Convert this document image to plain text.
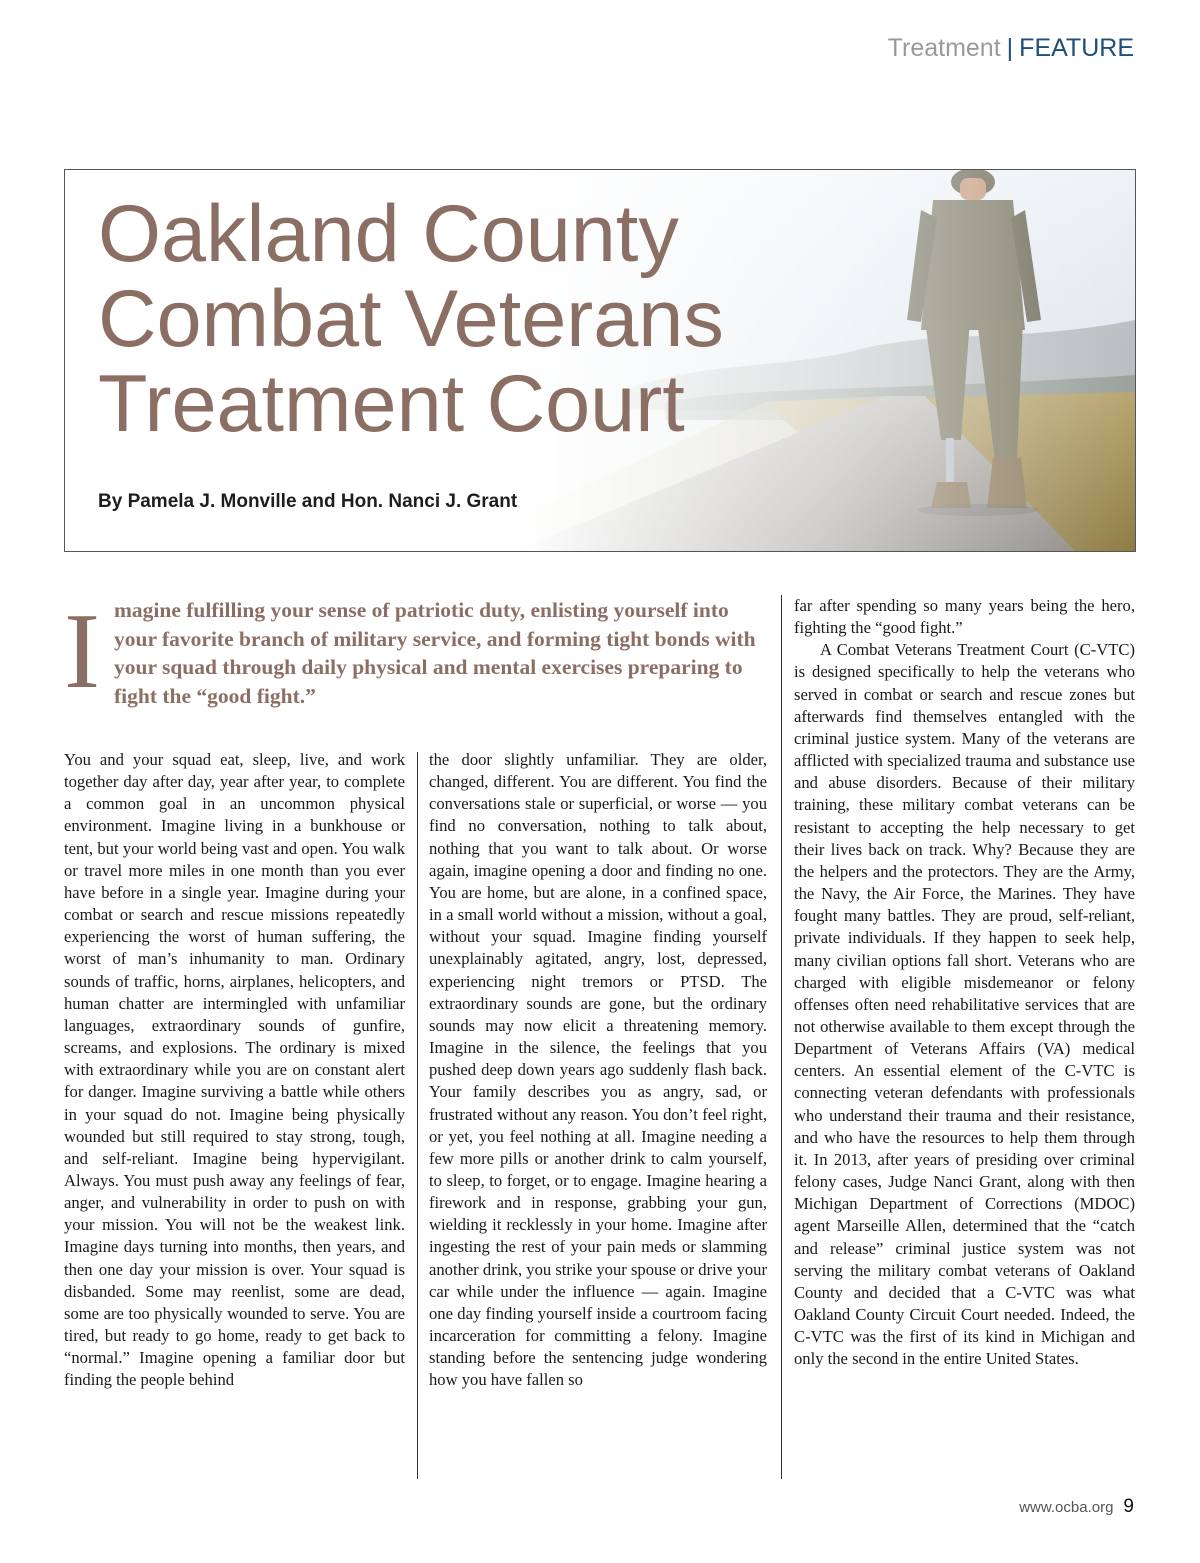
Treatment | FEATURE
Oakland County
Combat Veterans
Treatment Court
By Pamela J. Monville and Hon. Nanci J. Grant
I magine fulfilling your sense of patriotic duty, enlisting yourself into your favorite branch of military service, and forming tight bonds with your squad through daily physical and mental exercises preparing to fight the “good fight.”

You and your squad eat, sleep, live, and work together day after day, year after year, to complete a common goal in an uncommon physical environment. Imagine living in a bunkhouse or tent, but your world being vast and open. You walk or travel more miles in one month than you ever have before in a single year. Imagine during your combat or search and rescue missions repeatedly experiencing the worst of human suffering, the worst of man’s inhumanity to man. Ordinary sounds of traffic, horns, airplanes, helicopters, and human chatter are intermingled with unfamiliar languages, extraordinary sounds of gunfire, screams, and explosions. The ordinary is mixed with extraordinary while you are on constant alert for danger. Imagine surviving a battle while others in your squad do not. Imagine being physically wounded but still required to stay strong, tough, and self-reliant. Imagine being hypervigilant. Always. You must push away any feelings of fear, anger, and vulnerability in order to push on with your mission. You will not be the weakest link. Imagine days turning into months, then years, and then one day your mission is over. Your squad is disbanded. Some may reenlist, some are dead, some are too physically wounded to serve. You are tired, but ready to go home, ready to get back to “normal.” Imagine opening a familiar door but finding the people behind

the door slightly unfamiliar. They are older, changed, different. You are different. You find the conversations stale or superficial, or worse — you find no conversation, nothing to talk about, nothing that you want to talk about. Or worse again, imagine opening a door and finding no one. You are home, but are alone, in a confined space, in a small world without a mission, without a goal, without your squad. Imagine finding yourself unexplainably agitated, angry, lost, depressed, experiencing night tremors or PTSD. The extraordinary sounds are gone, but the ordinary sounds may now elicit a threatening memory. Imagine in the silence, the feelings that you pushed deep down years ago suddenly flash back. Your family describes you as angry, sad, or frustrated without any reason. You don’t feel right, or yet, you feel nothing at all. Imagine needing a few more pills or another drink to calm yourself, to sleep, to forget, or to engage. Imagine hearing a firework and in response, grabbing your gun, wielding it recklessly in your home. Imagine after ingesting the rest of your pain meds or slamming another drink, you strike your spouse or drive your car while under the influence — again. Imagine one day finding yourself inside a courtroom facing incarceration for committing a felony. Imagine standing before the sentencing judge wondering how you have fallen so

far after spending so many years being the hero, fighting the “good fight.”

A Combat Veterans Treatment Court (C-VTC) is designed specifically to help the veterans who served in combat or search and rescue zones but afterwards find themselves entangled with the criminal justice system. Many of the veterans are afflicted with specialized trauma and substance use and abuse disorders. Because of their military training, these military combat veterans can be resistant to accepting the help necessary to get their lives back on track. Why? Because they are the helpers and the protectors. They are the Army, the Navy, the Air Force, the Marines. They have fought many battles. They are proud, self-reliant, private individuals. If they happen to seek help, many civilian options fall short. Veterans who are charged with eligible misdemeanor or felony offenses often need rehabilitative services that are not otherwise available to them except through the Department of Veterans Affairs (VA) medical centers. An essential element of the C-VTC is connecting veteran defendants with professionals who understand their trauma and their resistance, and who have the resources to help them through it. In 2013, after years of presiding over criminal felony cases, Judge Nanci Grant, along with then Michigan Department of Corrections (MDOC) agent Marseille Allen, determined that the “catch and release” criminal justice system was not serving the military combat veterans of Oakland County and decided that a C-VTC was what Oakland County Circuit Court needed. Indeed, the C-VTC was the first of its kind in Michigan and only the second in the entire United States.

www.ocba.org 9
